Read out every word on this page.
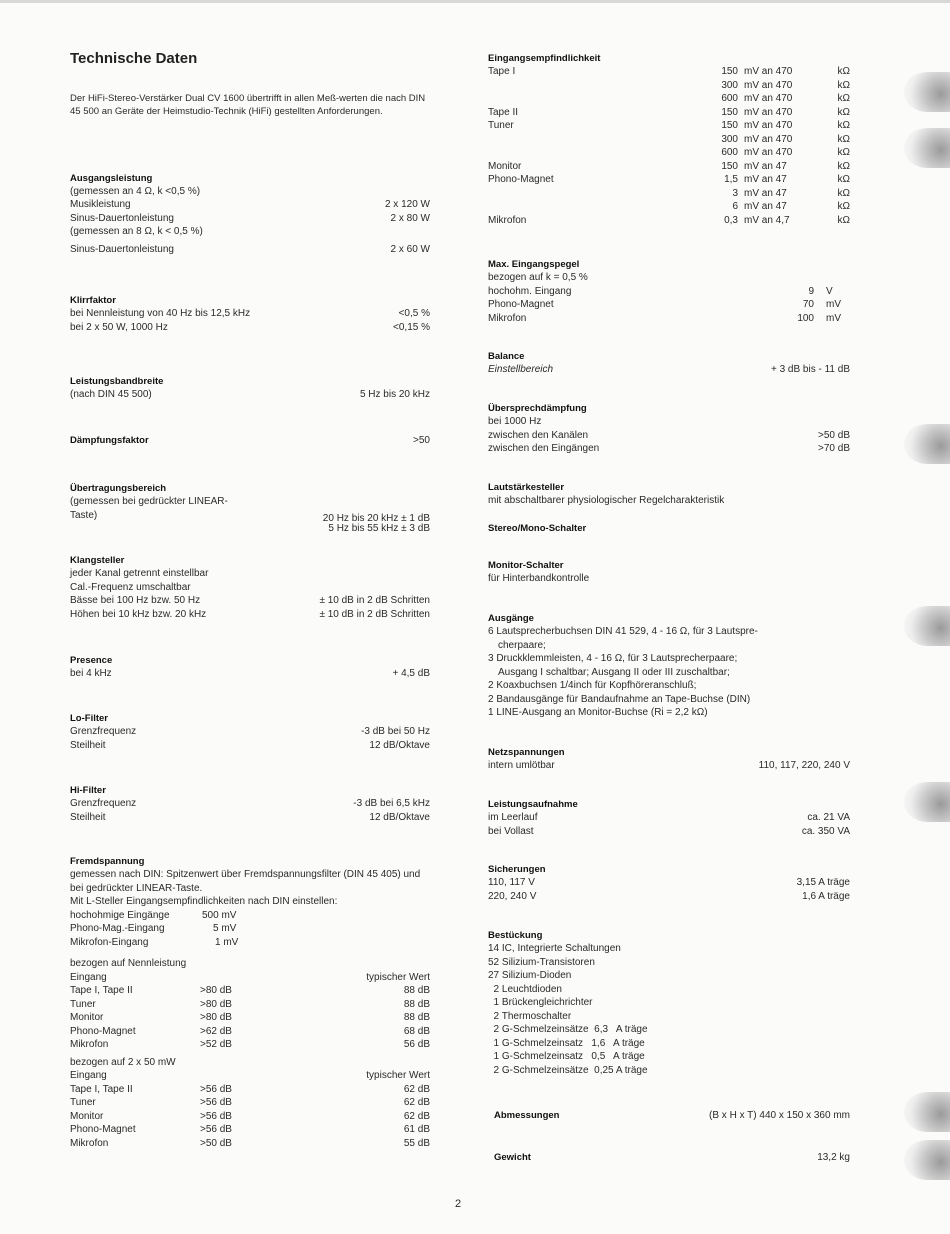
Technische Daten
Der HiFi-Stereo-Verstärker Dual CV 1600 übertrifft in allen Meß-werten die nach DIN 45 500 an Geräte der Heimstudio-Technik (HiFi) gestellten Anforderungen.
Ausgangsleistung
(gemessen an 4 Ω, k <0,5 %)
Musikleistung	2 x 120 W
Sinus-Dauertonleistung	2 x 80 W
(gemessen an 8 Ω, k < 0,5 %)
Sinus-Dauertonleistung	2 x 60 W
Klirrfaktor
bei Nennleistung von 40 Hz bis 12,5 kHz	<0,5 %
bei 2 x 50 W, 1000 Hz	<0,15 %
Leistungsbandbreite
(nach DIN 45 500)	5 Hz bis 20 kHz
Dämpfungsfaktor	>50
Übertragungsbereich
(gemessen bei gedrückter LINEAR-
Taste)	20 Hz bis 20 kHz ± 1 dB
5 Hz bis 55 kHz ± 3 dB
Klangsteller
jeder Kanal getrennt einstellbar
Cal.-Frequenz umschaltbar
Bässe bei 100 Hz bzw. 50 Hz	± 10 dB in 2 dB Schritten
Höhen bei 10 kHz bzw. 20 kHz	± 10 dB in 2 dB Schritten
Presence
bei 4 kHz	+ 4,5 dB
Lo-Filter
Grenzfrequenz	-3 dB bei 50 Hz
Steilheit	12 dB/Oktave
Hi-Filter
Grenzfrequenz	-3 dB bei 6,5 kHz
Steilheit	12 dB/Oktave
Fremdspannung
gemessen nach DIN: Spitzenwert über Fremdspannungsfilter (DIN 45 405) und bei gedrückter LINEAR-Taste.
Mit L-Steller Eingangsempfindlichkeiten nach DIN einstellen:
hochohmige Eingänge	500 mV
Phono-Mag.-Eingang	5 mV
Mikrofon-Eingang	1 mV
bezogen auf Nennleistung
Eingang	typischer Wert
Tape I, Tape II	>80 dB	88 dB
Tuner	>80 dB	88 dB
Monitor	>80 dB	88 dB
Phono-Magnet	>62 dB	68 dB
Mikrofon	>52 dB	56 dB
bezogen auf 2 x 50 mW
Eingang	typischer Wert
Tape I, Tape II	>56 dB	62 dB
Tuner	>56 dB	62 dB
Monitor	>56 dB	62 dB
Phono-Magnet	>56 dB	61 dB
Mikrofon	>50 dB	55 dB
Eingangsempfindlichkeit
Tape I	150 mV an 470	kΩ
300 mV an 470	kΩ
600 mV an 470	kΩ
Tape II	150 mV an 470	kΩ
Tuner	150 mV an 470	kΩ
300 mV an 470	kΩ
600 mV an 470	kΩ
Monitor	150 mV an 47	kΩ
Phono-Magnet	1,5 mV an 47	kΩ
3 mV an 47	kΩ
6 mV an 47	kΩ
Mikrofon	0,3 mV an 4,7	kΩ
Max. Eingangspegel
bezogen auf k = 0,5 %
hochohm. Eingang	9 V
Phono-Magnet	70 mV
Mikrofon	100 mV
Balance
Einstellbereich	+ 3 dB bis - 11 dB
Übersprechdämpfung
bei 1000 Hz
zwischen den Kanälen	>50 dB
zwischen den Eingängen	>70 dB
Lautstärkesteller
mit abschaltbarer physiologischer Regelcharakteristik
Stereo/Mono-Schalter
Monitor-Schalter
für Hinterbandkontrolle
Ausgänge
6 Lautsprecherbuchsen DIN 41 529, 4 - 16 Ω, für 3 Lautspre-
cherpaare;
3 Druckklemmleisten, 4 - 16 Ω, für 3 Lautsprecherpaare;
Ausgang I schaltbar; Ausgang II oder III zuschaltbar;
2 Koaxbuchsen 1/4inch für Kopfhöreranschluß;
2 Bandausgänge für Bandaufnahme an Tape-Buchse (DIN)
1 LINE-Ausgang an Monitor-Buchse (Ri = 2,2 kΩ)
Netzspannungen
intern umlötbar	110, 117, 220, 240 V
Leistungsaufnahme
im Leerlauf	ca. 21 VA
bei Vollast	ca. 350 VA
Sicherungen
110, 117 V	3,15 A träge
220, 240 V	1,6 A träge
Bestückung
14 IC, Integrierte Schaltungen
52 Silizium-Transistoren
27 Silizium-Dioden
2 Leuchtdioden
1 Brückengleichrichter
2 Thermoschalter
2 G-Schmelzeinsätze  6,3   A träge
1 G-Schmelzeinsatz   1,6   A träge
1 G-Schmelzeinsatz   0,5   A träge
2 G-Schmelzeinsätze  0,25 A träge
Abmessungen	(B x H x T) 440 x 150 x 360 mm
Gewicht	13,2 kg
2
